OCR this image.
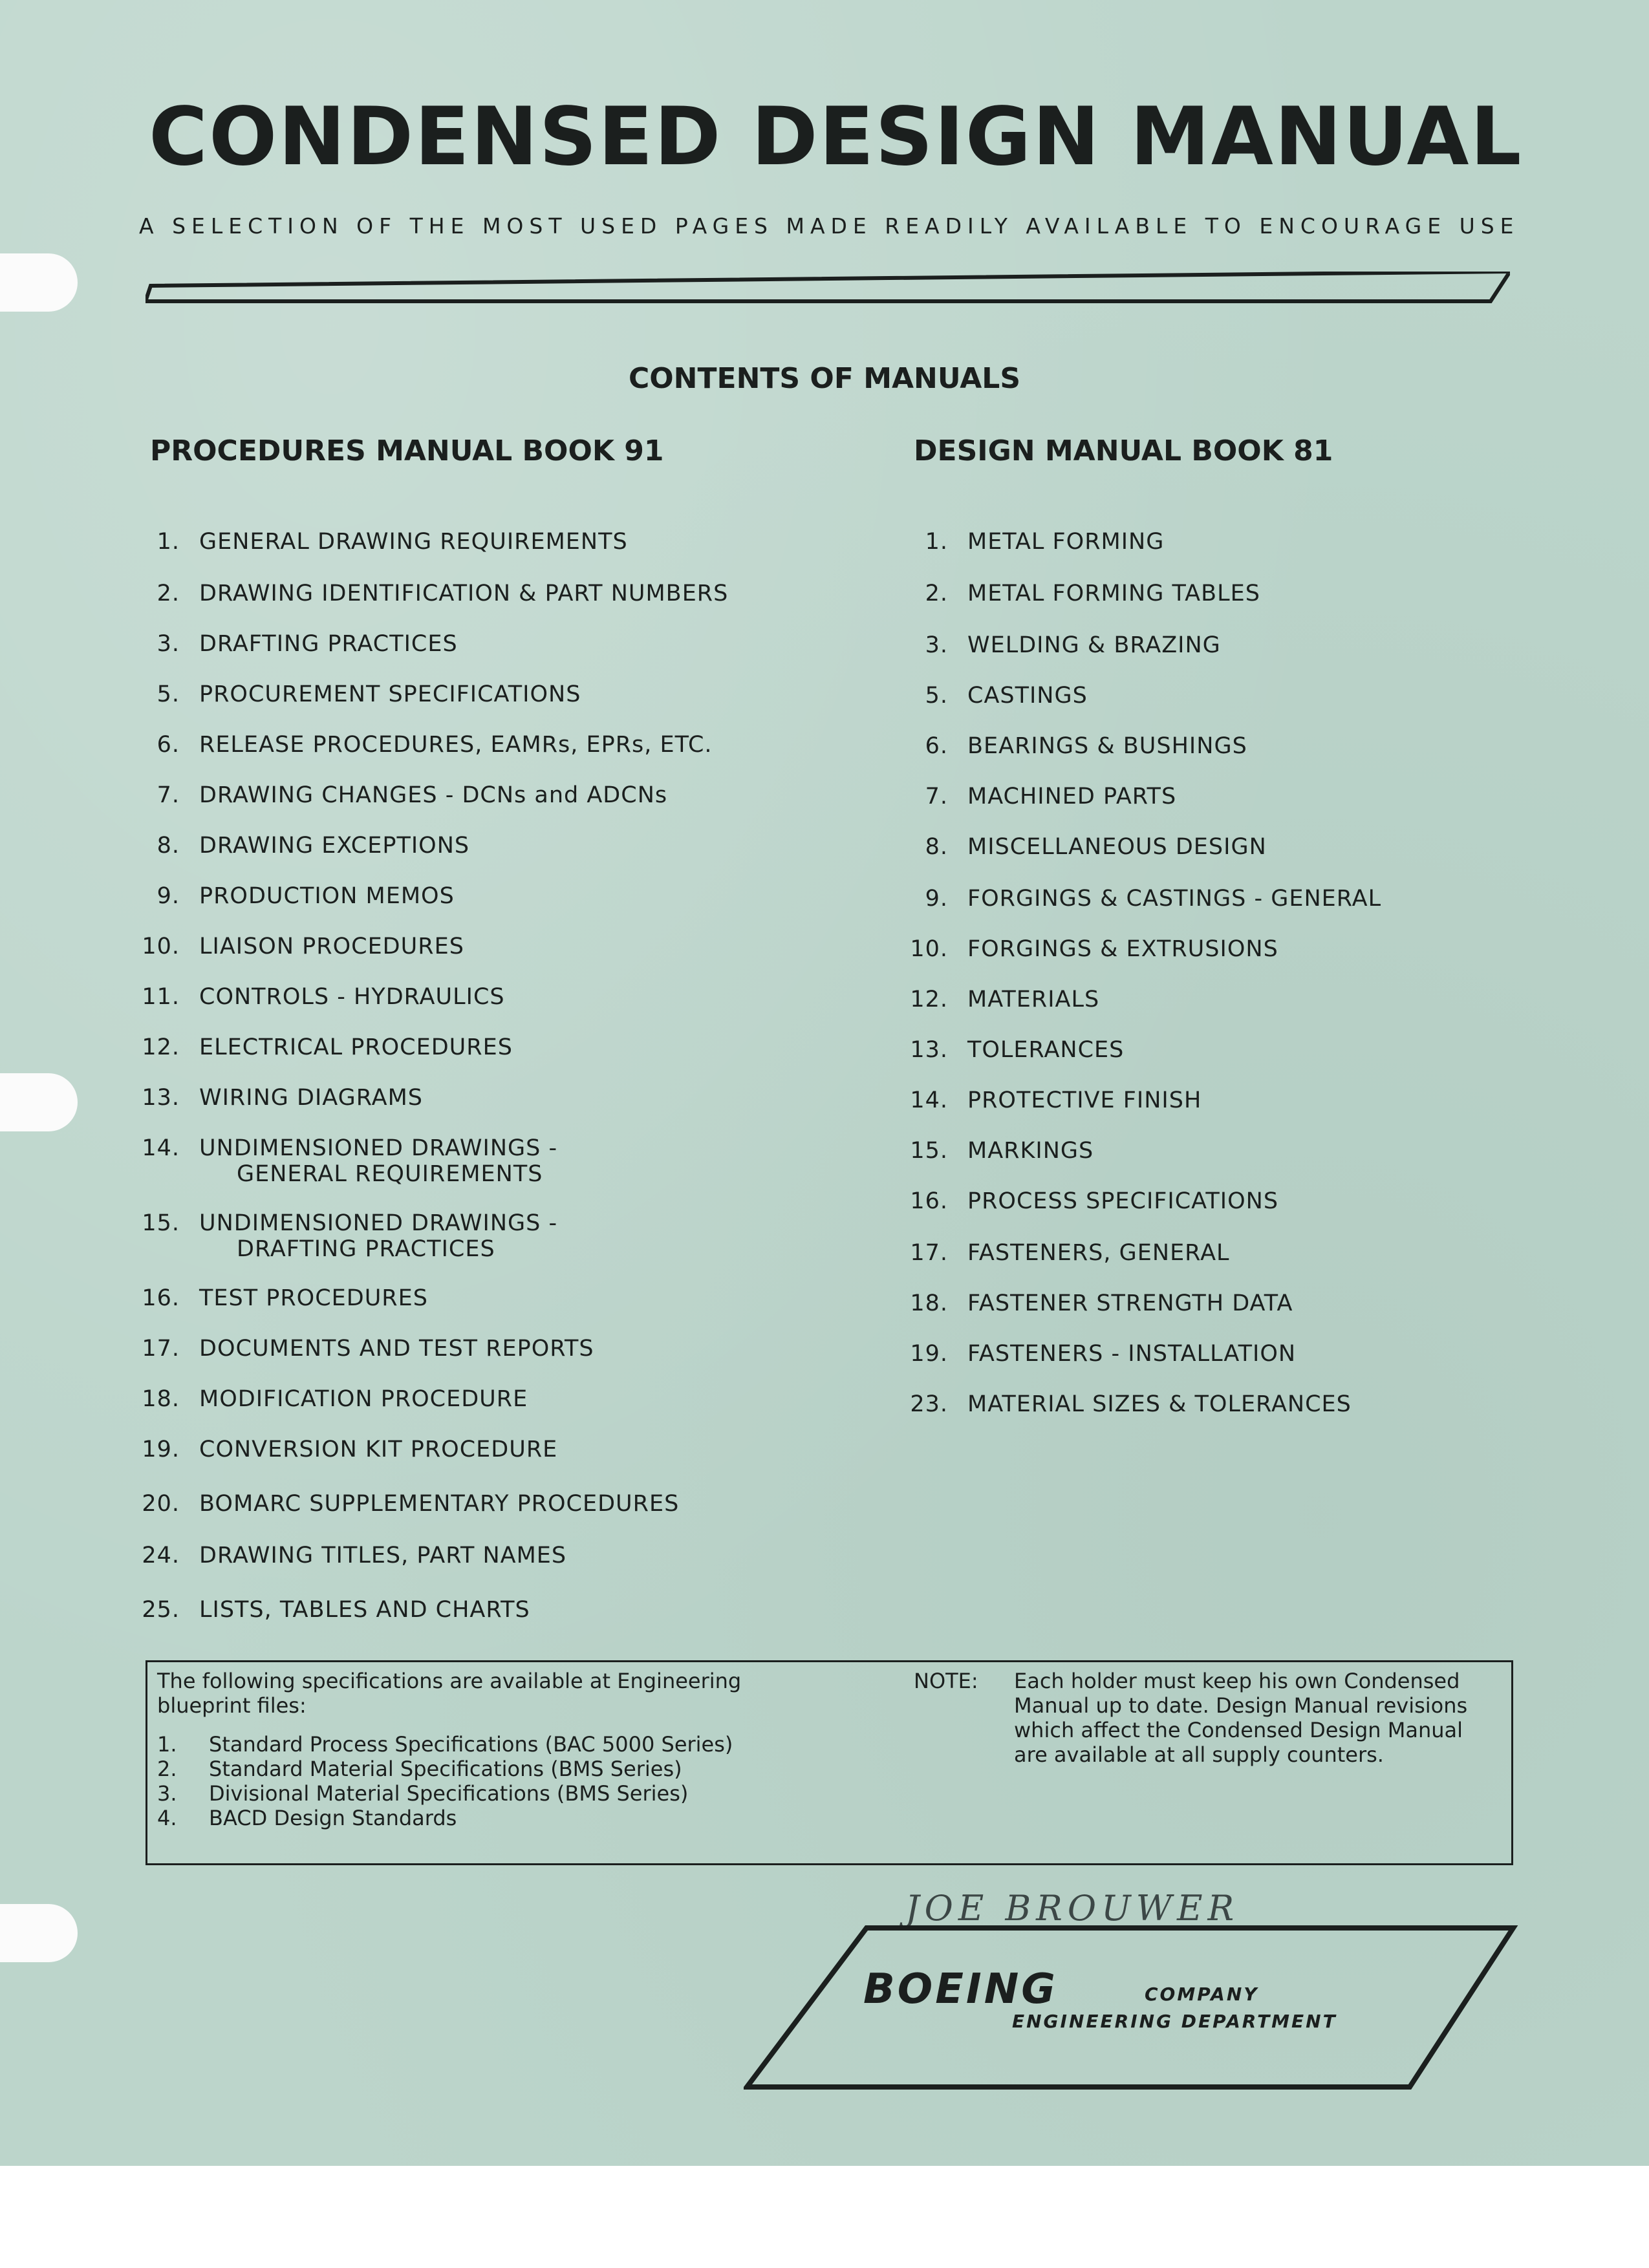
CONDENSED DESIGN MANUAL
A SELECTION OF THE MOST USED PAGES MADE READILY AVAILABLE TO ENCOURAGE USE
CONTENTS OF MANUALS
PROCEDURES MANUAL BOOK 91	DESIGN MANUAL BOOK 81
1. GENERAL DRAWING REQUIREMENTS
2. DRAWING IDENTIFICATION & PART NUMBERS
3. DRAFTING PRACTICES
5. PROCUREMENT SPECIFICATIONS
6. RELEASE PROCEDURES, EAMRs, EPRs, ETC.
7. DRAWING CHANGES - DCNs and ADCNs
8. DRAWING EXCEPTIONS
9. PRODUCTION MEMOS
10. LIAISON PROCEDURES
11. CONTROLS - HYDRAULICS
12. ELECTRICAL PROCEDURES
13. WIRING DIAGRAMS
14. UNDIMENSIONED DRAWINGS -
GENERAL REQUIREMENTS
15. UNDIMENSIONED DRAWINGS -
DRAFTING PRACTICES
16. TEST PROCEDURES
17. DOCUMENTS AND TEST REPORTS
18. MODIFICATION PROCEDURE
19. CONVERSION KIT PROCEDURE
20. BOMARC SUPPLEMENTARY PROCEDURES
24. DRAWING TITLES, PART NAMES
25. LISTS, TABLES AND CHARTS
1. METAL FORMING
2. METAL FORMING TABLES
3. WELDING & BRAZING
5. CASTINGS
6. BEARINGS & BUSHINGS
7. MACHINED PARTS
8. MISCELLANEOUS DESIGN
9. FORGINGS & CASTINGS - GENERAL
10. FORGINGS & EXTRUSIONS
12. MATERIALS
13. TOLERANCES
14. PROTECTIVE FINISH
15. MARKINGS
16. PROCESS SPECIFICATIONS
17. FASTENERS, GENERAL
18. FASTENER STRENGTH DATA
19. FASTENERS - INSTALLATION
23. MATERIAL SIZES & TOLERANCES
The following specifications are available at Engineering
blueprint files:
1.	Standard Process Specifications (BAC 5000 Series)
2.	Standard Material Specifications (BMS Series)
3.	Divisional Material Specifications (BMS Series)
4.	BACD Design Standards
NOTE:	Each holder must keep his own Condensed
Manual up to date. Design Manual revisions
which affect the Condensed Design Manual
are available at all supply counters.
JOE BROUWER
BOEING	COMPANY
ENGINEERING DEPARTMENT
